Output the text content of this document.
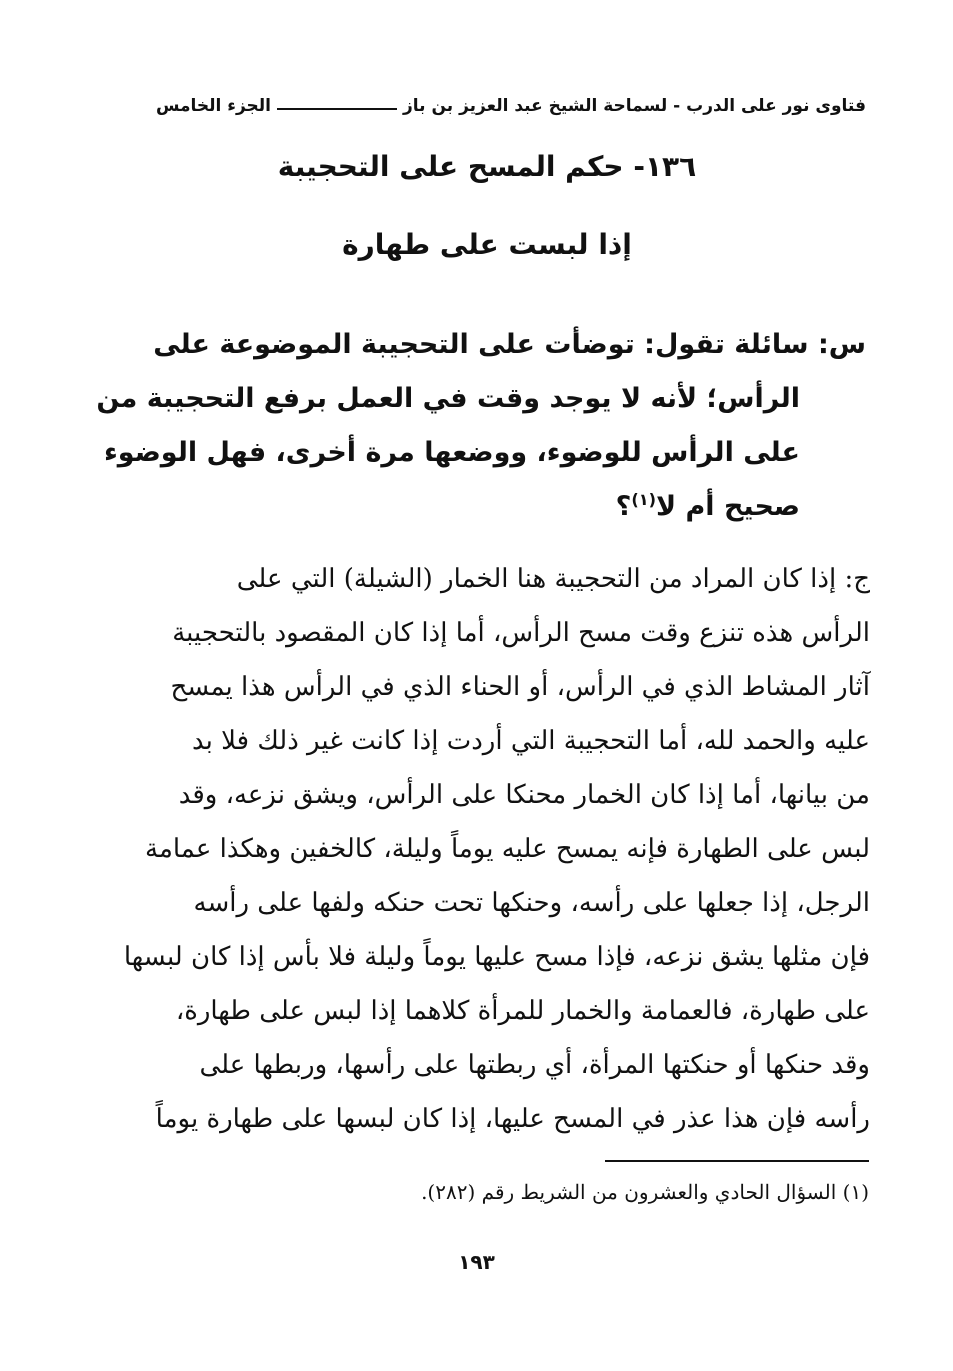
فتاوى نور على الدرب - لسماحة الشيخ عبد العزيز بن باز
الجزء الخامس
١٣٦- حكم المسح على التحجيبة
إذا لبست على طهارة
س: سائلة تقول: توضأت على التحجيبة الموضوعة على
الرأس؛ لأنه لا يوجد وقت في العمل برفع التحجيبة من
على الرأس للوضوء، ووضعها مرة أخرى، فهل الوضوء
صحيح أم لا$^{(١)}$؟
ج: إذا كان المراد من التحجيبة هنا الخمار (الشيلة) التي على
الرأس هذه تنزع وقت مسح الرأس، أما إذا كان المقصود بالتحجيبة
آثار المشاط الذي في الرأس، أو الحناء الذي في الرأس هذا يمسح
عليه والحمد لله، أما التحجيبة التي أردت إذا كانت غير ذلك فلا بد
من بيانها، أما إذا كان الخمار محنكا على الرأس، ويشق نزعه، وقد
لبس على الطهارة فإنه يمسح عليه يوماً وليلة، كالخفين وهكذا عمامة
الرجل، إذا جعلها على رأسه، وحنكها تحت حنكه ولفها على رأسه
فإن مثلها يشق نزعه، فإذا مسح عليها يوماً وليلة فلا بأس إذا كان لبسها
على طهارة، فالعمامة والخمار للمرأة كلاهما إذا لبس على طهارة،
وقد حنكها أو حنكتها المرأة، أي ربطتها على رأسها، وربطها على
رأسه فإن هذا عذر في المسح عليها، إذا كان لبسها على طهارة يوماً
(١) السؤال الحادي والعشرون من الشريط رقم (٢٨٢).
١٩٣
